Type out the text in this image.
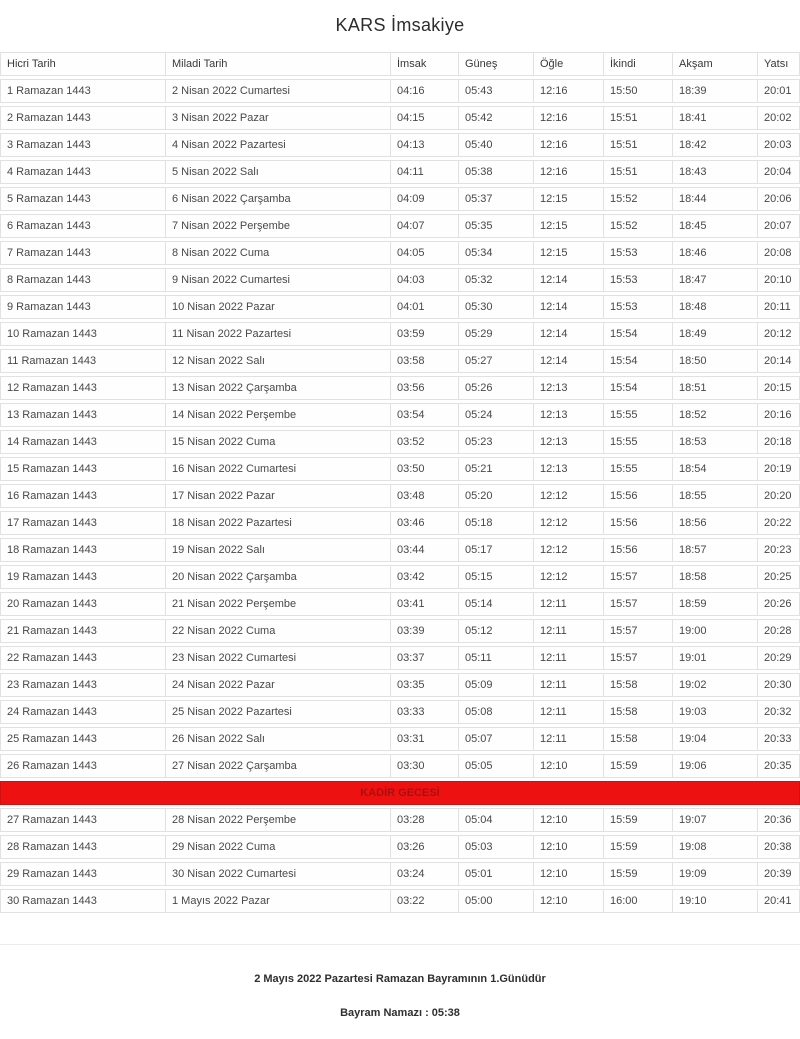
KARS İmsakiye
Hicri Tarih	Miladi Tarih	İmsak	Güneş	Öğle	İkindi	Akşam	Yatsı
1 Ramazan 1443	2 Nisan 2022 Cumartesi	04:16	05:43	12:16	15:50	18:39	20:01
2 Ramazan 1443	3 Nisan 2022 Pazar	04:15	05:42	12:16	15:51	18:41	20:02
3 Ramazan 1443	4 Nisan 2022 Pazartesi	04:13	05:40	12:16	15:51	18:42	20:03
4 Ramazan 1443	5 Nisan 2022 Salı	04:11	05:38	12:16	15:51	18:43	20:04
5 Ramazan 1443	6 Nisan 2022 Çarşamba	04:09	05:37	12:15	15:52	18:44	20:06
6 Ramazan 1443	7 Nisan 2022 Perşembe	04:07	05:35	12:15	15:52	18:45	20:07
7 Ramazan 1443	8 Nisan 2022 Cuma	04:05	05:34	12:15	15:53	18:46	20:08
8 Ramazan 1443	9 Nisan 2022 Cumartesi	04:03	05:32	12:14	15:53	18:47	20:10
9 Ramazan 1443	10 Nisan 2022 Pazar	04:01	05:30	12:14	15:53	18:48	20:11
10 Ramazan 1443	11 Nisan 2022 Pazartesi	03:59	05:29	12:14	15:54	18:49	20:12
11 Ramazan 1443	12 Nisan 2022 Salı	03:58	05:27	12:14	15:54	18:50	20:14
12 Ramazan 1443	13 Nisan 2022 Çarşamba	03:56	05:26	12:13	15:54	18:51	20:15
13 Ramazan 1443	14 Nisan 2022 Perşembe	03:54	05:24	12:13	15:55	18:52	20:16
14 Ramazan 1443	15 Nisan 2022 Cuma	03:52	05:23	12:13	15:55	18:53	20:18
15 Ramazan 1443	16 Nisan 2022 Cumartesi	03:50	05:21	12:13	15:55	18:54	20:19
16 Ramazan 1443	17 Nisan 2022 Pazar	03:48	05:20	12:12	15:56	18:55	20:20
17 Ramazan 1443	18 Nisan 2022 Pazartesi	03:46	05:18	12:12	15:56	18:56	20:22
18 Ramazan 1443	19 Nisan 2022 Salı	03:44	05:17	12:12	15:56	18:57	20:23
19 Ramazan 1443	20 Nisan 2022 Çarşamba	03:42	05:15	12:12	15:57	18:58	20:25
20 Ramazan 1443	21 Nisan 2022 Perşembe	03:41	05:14	12:11	15:57	18:59	20:26
21 Ramazan 1443	22 Nisan 2022 Cuma	03:39	05:12	12:11	15:57	19:00	20:28
22 Ramazan 1443	23 Nisan 2022 Cumartesi	03:37	05:11	12:11	15:57	19:01	20:29
23 Ramazan 1443	24 Nisan 2022 Pazar	03:35	05:09	12:11	15:58	19:02	20:30
24 Ramazan 1443	25 Nisan 2022 Pazartesi	03:33	05:08	12:11	15:58	19:03	20:32
25 Ramazan 1443	26 Nisan 2022 Salı	03:31	05:07	12:11	15:58	19:04	20:33
26 Ramazan 1443	27 Nisan 2022 Çarşamba	03:30	05:05	12:10	15:59	19:06	20:35
KADİR GECESİ							
27 Ramazan 1443	28 Nisan 2022 Perşembe	03:28	05:04	12:10	15:59	19:07	20:36
28 Ramazan 1443	29 Nisan 2022 Cuma	03:26	05:03	12:10	15:59	19:08	20:38
29 Ramazan 1443	30 Nisan 2022 Cumartesi	03:24	05:01	12:10	15:59	19:09	20:39
30 Ramazan 1443	1 Mayıs 2022 Pazar	03:22	05:00	12:10	16:00	19:10	20:41
2 Mayıs 2022 Pazartesi Ramazan Bayramının 1.Günüdür
Bayram Namazı : 05:38
